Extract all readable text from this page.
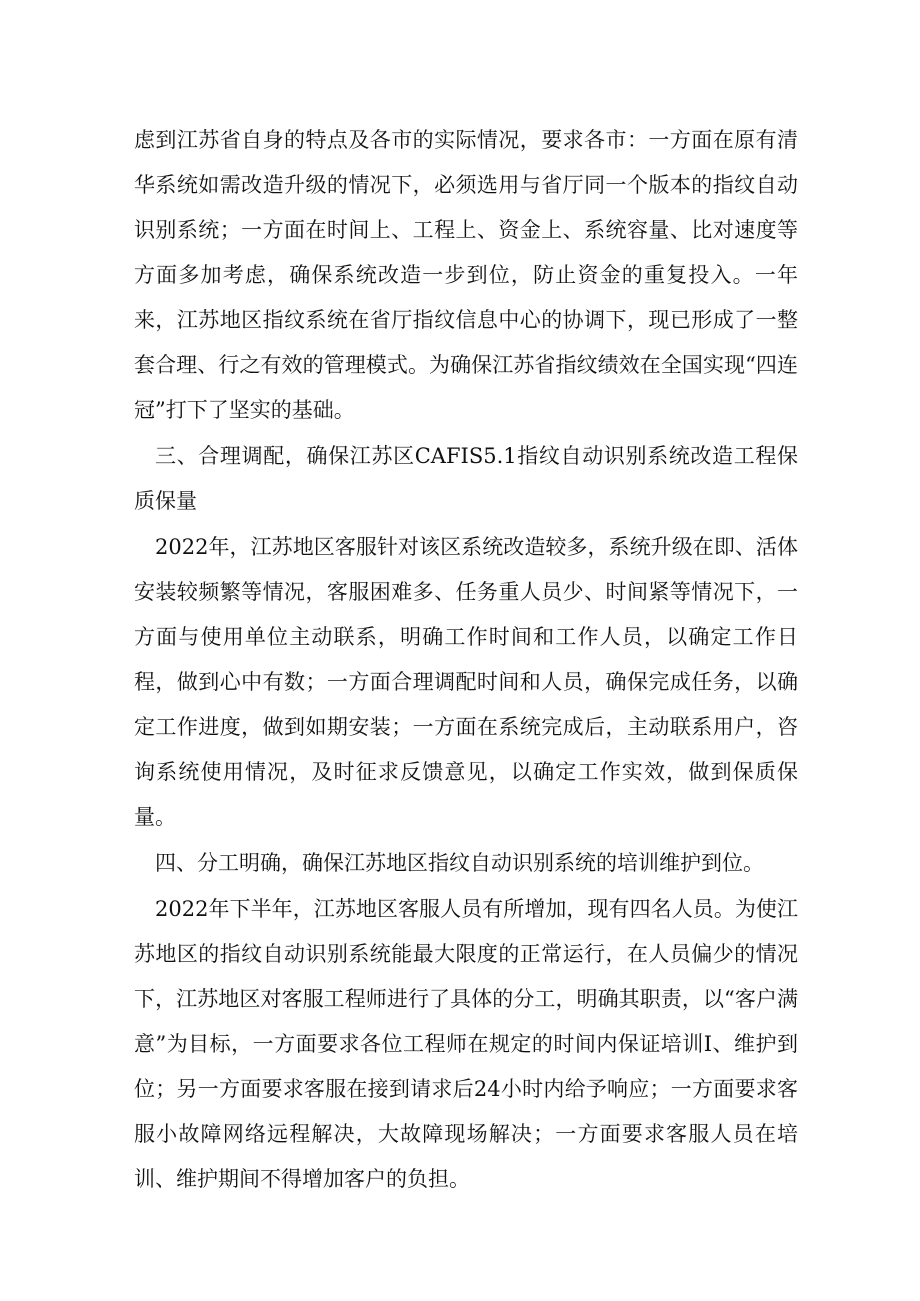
虑到江苏省自身的特点及各市的实际情况，要求各市：一方面在原有清华系统如需改造升级的情况下，必须选用与省厅同一个版本的指纹自动识别系统；一方面在时间上、工程上、资金上、系统容量、比对速度等方面多加考虑，确保系统改造一步到位，防止资金的重复投入。一年来，江苏地区指纹系统在省厅指纹信息中心的协调下，现已形成了一整套合理、行之有效的管理模式。为确保江苏省指纹绩效在全国实现“四连冠”打下了坚实的基础。

三、合理调配，确保江苏区CAFIS5.1指纹自动识别系统改造工程保质保量

2022年，江苏地区客服针对该区系统改造较多，系统升级在即、活体安装较频繁等情况，客服困难多、任务重人员少、时间紧等情况下，一方面与使用单位主动联系，明确工作时间和工作人员，以确定工作日程，做到心中有数；一方面合理调配时间和人员，确保完成任务，以确定工作进度，做到如期安装；一方面在系统完成后，主动联系用户，咨询系统使用情况，及时征求反馈意见，以确定工作实效，做到保质保量。

四、分工明确，确保江苏地区指纹自动识别系统的培训维护到位。

2022年下半年，江苏地区客服人员有所增加，现有四名人员。为使江苏地区的指纹自动识别系统能最大限度的正常运行，在人员偏少的情况下，江苏地区对客服工程师进行了具体的分工，明确其职责，以“客户满意”为目标，一方面要求各位工程师在规定的时间内保证培训Ⅰ、维护到位；另一方面要求客服在接到请求后24小时内给予响应；一方面要求客服小故障网络远程解决，大故障现场解决；一方面要求客服人员在培训、维护期间不得增加客户的负担。
